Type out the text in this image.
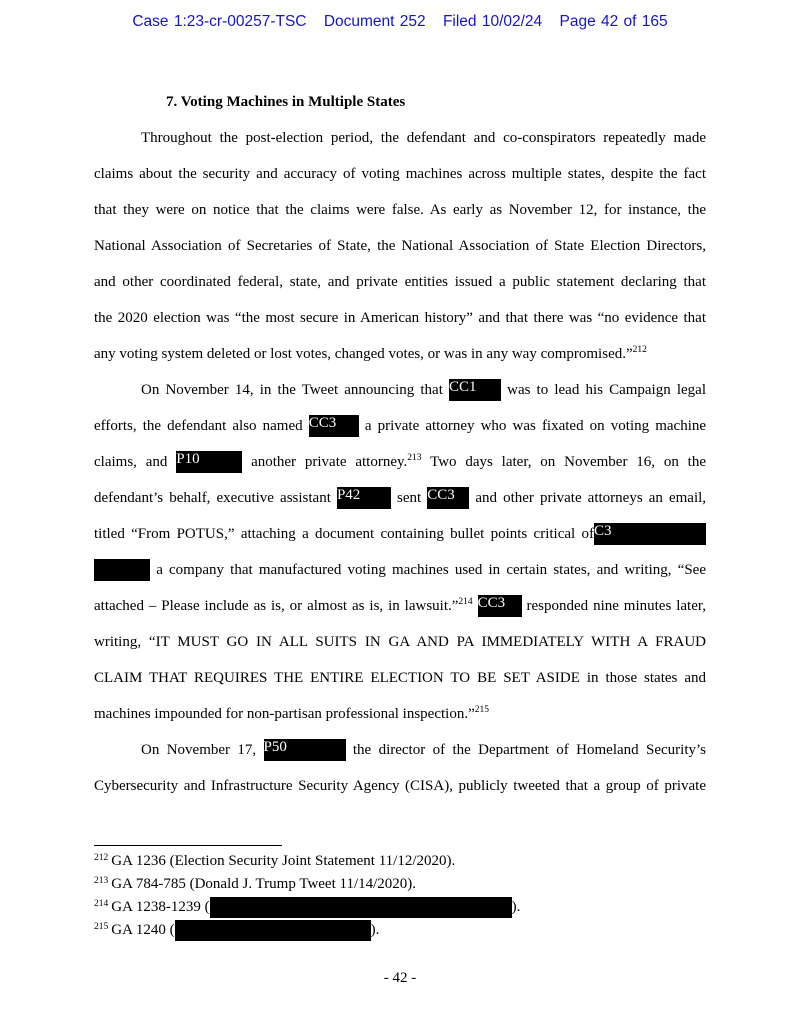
Case 1:23-cr-00257-TSC Document 252 Filed 10/02/24 Page 42 of 165
7. Voting Machines in Multiple States
Throughout the post-election period, the defendant and co-conspirators repeatedly made
claims about the security and accuracy of voting machines across multiple states, despite the fact
that they were on notice that the claims were false. As early as November 12, for instance, the
National Association of Secretaries of State, the National Association of State Election Directors,
and other coordinated federal, state, and private entities issued a public statement declaring that
the 2020 election was “the most secure in American history” and that there was “no evidence that
any voting system deleted or lost votes, changed votes, or was in any way compromised.”$^{212}$
On November 14, in the Tweet announcing that CC1 was to lead his Campaign legal
efforts, the defendant also named CC3 a private attorney who was fixated on voting machine
claims, and P10	another private attorney.$^{213}$ Two days later, on November 16, on the
defendant’s behalf, executive assistant P42 sent CC3 and other private attorneys an email,
titled “From POTUS,” attaching a document containing bullet points critical ofC3
a company that manufactured voting machines used in certain states, and writing, “See
attached – Please include as is, or almost as is, in lawsuit.”$^{214}$ CC3 responded nine minutes later,
writing, “IT MUST GO IN ALL SUITS IN GA AND PA IMMEDIATELY WITH A FRAUD
CLAIM THAT REQUIRES THE ENTIRE ELECTION TO BE SET ASIDE in those states and
machines impounded for non-partisan professional inspection.”$^{215}$
On November 17, P50	the director of the Department of Homeland Security’s
Cybersecurity and Infrastructure Security Agency (CISA), publicly tweeted that a group of private
$^{212}$ GA 1236 (Election Security Joint Statement 11/12/2020).
$^{213}$ GA 784-785 (Donald J. Trump Tweet 11/14/2020).
$^{214}$ GA 1238-1239 (	).
$^{215}$ GA 1240 (	).
- 42 -
